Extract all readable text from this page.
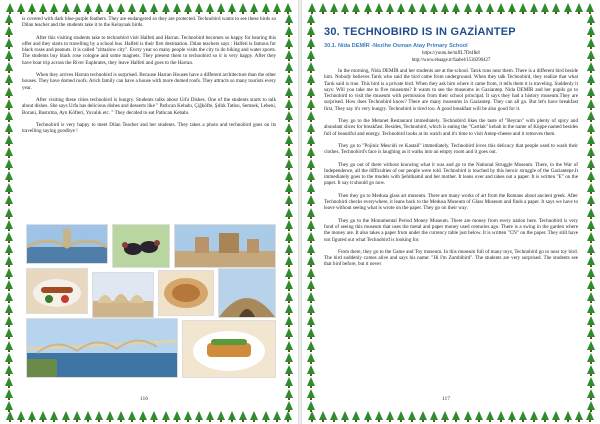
is covered with dark blue-purple feathers. They are endangered so they are protected. Technobird wants to see these birds so Dilan teacher and the students take it to the Kelaynak birds.

After this visiting students take to technobird visit Halfeti and Harran. Technobird becomes so happy for hearing this offer and they starts to travelling by a school bus. Halfeti is their first destination. Dilan teachers says : Halfeti is famous for black roses and peanuts. It is called "zittaslow city". Every year so many people visits the city to do biking and water sports. The students buy black rose cologne and some magnets. They present them to technobird so it is very happy. After they have boat trip across the River Euphrates, they leave Halfeti and goes to the Harran.

When they arrives Harran technobird is surprised. Because Harran Houses have a different architecture than the other houses. They have domed roofs. Arich family can have a house with more domed roofs. They attracts so many tourists every year.

After visiting these cities technobird is hungry. Students talks about Urfa Dishes. One of the students starts to talk about dishes. She says Urfa has delicious dishes and desserts like " Patlıcan Kebabı, Çiğköfte, Şıllık Tatlısı, Semsek, Lebeni, Borani, Bastırma, Ayn Köfteri, Yuvalık etc. " They decided to eat Patlıcan Kebabı.

Technobird is very happy to meet Dilan Teacher and her students. They takes a photo and technobird goes on its travelling saying goodbye !

116
30. TECHNOBIRD IS IN GAZİANTEP

30.1. Nida DEMİR -Nezihe Osman Atay Primary School

https://youtu.be/mJfL7Dr4Ik8

http://www.ebaage.tr/faabel/1530290427

In the morning, Nida DEMİR and her students are at the school. Tarık runs near them. There is a different bird beside him. Nobody believes Tarık who said the bird came from underground. When they talk Technobird, they realize that what Tarık said is true. This bird is a private bird. When they ask him where it came from, it tells them it is traveling. Suddenly it says: Will you take me to five museums? It wants to see the museums in Gaziantep. Nida DEMİR and her pupils go to Technobird to visit the museum with permission from their school principal. It says they had a history museum.They are surprised. How does Technobird know? There are many museums in Gaziantep. They can all go. But let's have breakfast first, They say it's very hungry. Technobird is tired too. A good breakfast will be also good for it.

They go to the Metanet Restaurant immediately. Technobird likes the taste of "Beyran" with plenty of spicy and abundant slices for breakfast. Besides, Technobird, which is eating the "Cartlak" kebab in the name of Köppe named besides full of beautiful and energy. Technobird looks at its watch and it's time to visit Antep-cheese and it removes them.

They go to "Pojiniz Mescidi ve Kastali" immediately. Technobird loves this delicacy that people used to wash their clothes. Technobird's face is laughing as it walks into an empty room and it goes out.

They go out of there without knowing what it was and go to the National Struggle Museum. There, in the War of Independence, all the difficulties of our people were told. Technobird is touched by this heroic struggle of the Gaziantepe.It immediately goes to the models with Şehitkamil and her mother. It leans over and takes out a paper. It is written "E" on the paper. It say it should go now.

Then they go to Medusa glass art museum. There are many works of art from the Romans about ancient greek. After Technobird checks everywhere, it leans back to the Medusa Museum of Glass Museum and finds a paper. It says we have to leave without seeing what is wrote on the paper. They go on their way.

They go to the Monumental Period Money Museum. There are money from every nation here. Technobird is very fond of seeing this museum that uses the metal and paper money used centuries ago. There is a swing in the garden where the money are. It also takes a paper from under the currency table just below. It is written "CN" on the paper. They still have not figured out what Technobird is looking for.

From there, they go to the Game and Toy museum. In this museum full of many toys, Technobird go to near toy bird. The bird suddenly comes alive and says his name: "Hi I'm Zumbibird". The students are very surprised. The students see that bird before, but it never

117
